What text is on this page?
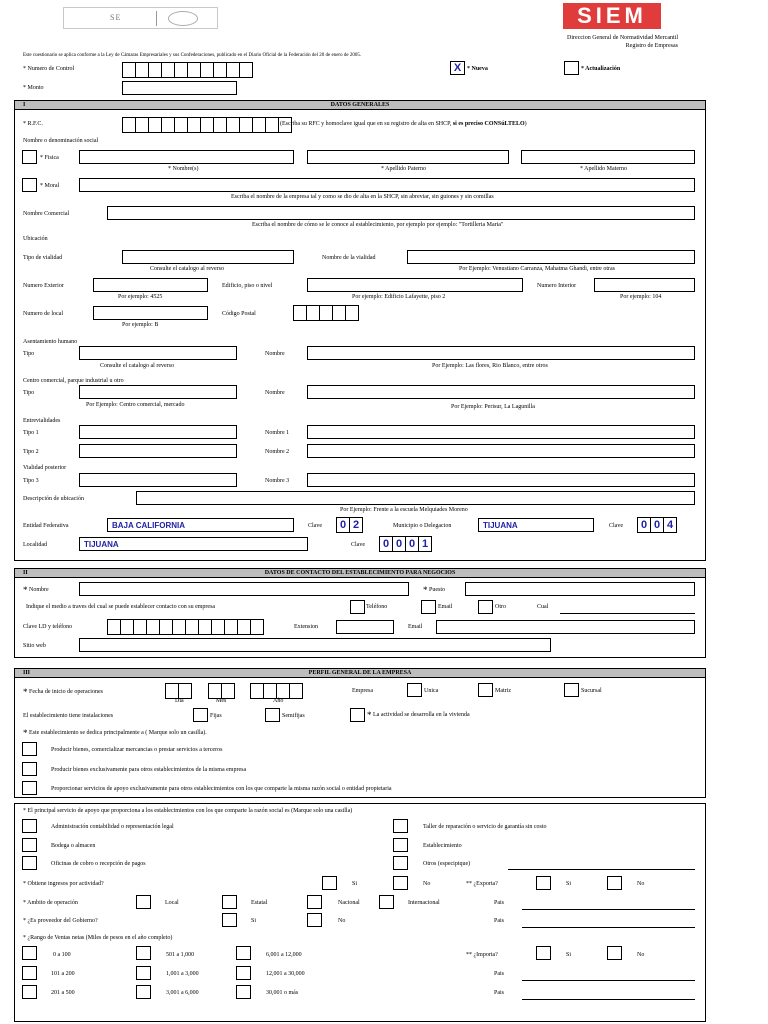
SE	SIEM
Direccion General de Normatividad Mercantil
Registro de Empresas
Este cuestionario se aplica conforme a la Ley de Cámaras Empresariales y sus Confederaciones, publicado en el Diario Oficial de la Federación del 20 de enero de 2005.
* Numero de Control	X * Nueva	* Actualización
* Monto
I	DATOS GENERALES
* R.F.C.	(Escriba su RFC y homoclave igual que en su registro de alta en SHCP, si es preciso CONSúLTELO)
Nombre o denominación social
* Fisica
* Nombre(s)	* Apellido Paterno	* Apellido Materno
* Moral
Escriba el nombre de la empresa tal y como se dio de alta en la SHCP, sin abreviar, sin guiones y sin comillas
Nombre Comercial
Escriba el nombre de cómo se le conoce al establecimiento, por ejemplo por ejemplo: "Tortilleria Maria"
Ubicación
Tipo de vialidad	Nombre de la vialidad
Consulte el catalogo al reverso	Por Ejemplo: Venustiano Carranza, Mahatma Ghandi, entre otras
Numero Exterior	Edificio, piso o nivel	Numero Interior
Por ejemplo: 4525	Por ejemplo: Edificio Lafayette, piso 2	Por ejemplo: 104
Numero de local	Código Postal
Por ejemplo: B
Asentamiento humano
Tipo	Nombre
Consulte el catalogo al reverso	Por Ejemplo: Las flores, Rio Blanco, entre otros
Centro comercial, parque industrial u otro
Tipo	Nombre
Por Ejemplo: Centro comercial, mercado	Por Ejemplo: Perisur, La Lagunilla
Entrevialidades
Tipo 1	Nombre 1
Tipo 2	Nombre 2
Vialidad posterior
Tipo 3	Nombre 3
Descripción de ubicación
Por Ejemplo: Frente a la escuela Melquiades Moreno
Entidad Federativa	BAJA CALIFORNIA	Clave	0 2	Municipio o Delegacion	TIJUANA	Clave	0 0 4
Localidad	TIJUANA	Clave	0 0 0 1
II	DATOS DE CONTACTO DEL ESTABLECIMIENTO PARA NEGOCIOS
* Nombre	* Puesto
Indique el medio a traves del cual se puede establecer contacto con su empresa	Teléfono	Email	Otro	Cual
Clave LD y teléfono	Extension	Email
Sitio web
III	PERFIL GENERAL DE LA EMPRESA
* Fecha de inicio de operaciones
Dia	Mes	Año
Empresa	Unica	Matriz	Sucursal
El establecimiento tiene instalaciones	Fijas	Semifijas	* La actividad se desarrolla en la vivienda
* Este establecimiento se dedica principalmente a ( Marque solo un casilla).
Producir bienes, comercializar mercancias o prestar servicios a terceros
Producir bienes exclusivamente para otros establecimientos de la misma empresa
Proporcionar servicios de apoyo exclusivamente para otros establecimientos con los que comparte la misma razón social o entidad propietaria
* El principal servicio de apoyo que proporciona a los establecimientos con los que comparte la razón social es (Marque solo una casilla)
Administración contabilidad o representación legal	Taller de reparación o servicio de garantía sin costo
Bodega o almacen	Establecimiento
Oficinas de cobro o recepción de pagos	Otros (especipique)
* Obtiene ingresos por actividad?	Si	No	** ¿Exporta?	Si	No
* Ambito de operación	Local	Estatal	Nacional	Internacional	Pais
* ¿Es proveedor del Gobierno?	Si	No	Pais
* ¿Rango de Ventas netas (Miles de pesos en el año completo)
0 a 100	501 a 1,000	6,001 a 12,000	** ¿Importa?	Si	No
101 a 200	1,001 a 3,000	12,001 a 30,000	Pais
201 a 500	3,001 a 6,000	30,001 o más	Pais
